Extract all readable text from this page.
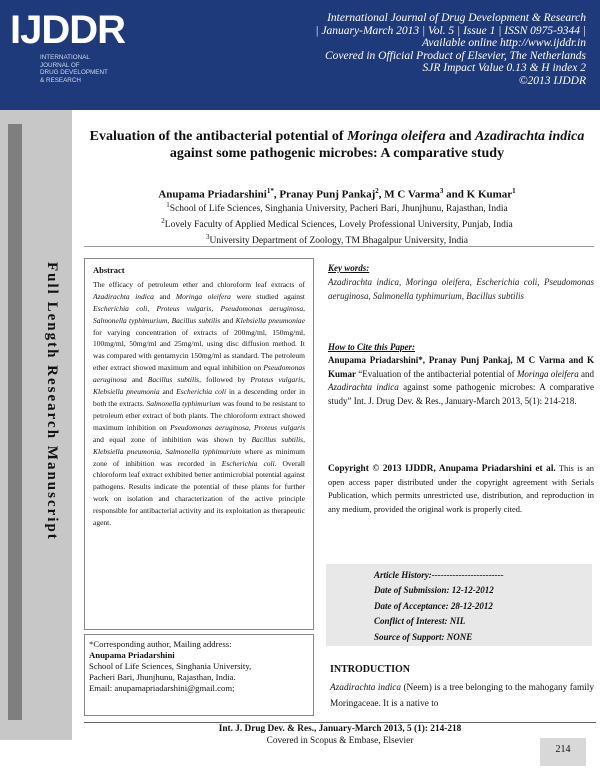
IJDDR
INTERNATIONAL
JOURNAL OF
DRUG DEVELOPMENT
& RESEARCH
International Journal of Drug Development & Research
| January-March 2013 | Vol. 5 | Issue 1 | ISSN 0975-9344 |
Available online http://www.ijddr.in
Covered in Official Product of Elsevier, The Netherlands
SJR Impact Value 0.13 & H index 2
©2013 IJDDR
Evaluation of the antibacterial potential of Moringa oleifera and Azadirachta indica against some pathogenic microbes: A comparative study
Anupama Priadarshini$^{1*}$, Pranay Punj Pankaj$^2$, M C Varma$^3$ and K Kumar$^1$
$^1$School of Life Sciences, Singhania University, Pacheri Bari, Jhunjhunu, Rajasthan, India
$^2$Lovely Faculty of Applied Medical Sciences, Lovely Professional University, Punjab, India
$^3$University Department of Zoology, TM Bhagalpur University, India
Abstract
The efficacy of petroleum ether and chloroform leaf extracts of Azadirachta indica and Moringa oleifera were studied against Escherichia coli, Proteus vulgaris, Pseudomonas aeruginosa, Salmonella typhimurium, Bacillus subtilis and Klebsiella pneumoniae for varying concentration of extracts of 200mg/ml, 150mg/ml, 100mg/ml, 50mg/ml and 25mg/ml, using disc diffusion method. It was compared with gentamycin 150mg/ml as standard. The petroleum ether extract showed maximum and equal inhibition on Pseudomonas aeruginosa and Bacillus subtilis, followed by Proteus vulgaris, Klebsiella pneumonia and Escherichia coli in a descending order in both the extracts. Salmonella typhimurium was found to be resistant to petroleum ether extract of both plants. The chloroform extract showed maximum inhibition on Pseudomonas aeruginosa, Proteus vulgaris and equal zone of inhibition was shown by Bacillus subtilis, Klebsiella pneumonia, Salmonella typhimurium where as minimum zone of inhibition was recorded in Escherichia coli. Overall chloroform leaf extract exhibited better antimicrobial potential against pathogens. Results indicate the potential of these plants for further work on isolation and characterization of the active principle responsible for antibacterial activity and its exploitation as therapeutic agent.
*Corresponding author, Mailing address:
Anupama Priadarshini
School of Life Sciences, Singhania University,
Pacheri Bari, Jhunjhunu, Rajasthan, India.
Email: anupamapriadarshini@gmail.com;
Key words:
Azadirachta indica, Moringa oleifera, Escherichia coli, Pseudomonas aeruginosa, Salmonella typhimurium, Bacillus subtilis
How to Cite this Paper:
Anupama Priadarshini*, Pranay Punj Pankaj, M C Varma and K Kumar “Evaluation of the antibacterial potential of Moringa oleifera and Azadirachta indica against some pathogenic microbes: A comparative study” Int. J. Drug Dev. & Res., January-March 2013, 5(1): 214-218.
Copyright © 2013 IJDDR, Anupama Priadarshini et al. This is an open access paper distributed under the copyright agreement with Serials Publication, which permits unrestricted use, distribution, and reproduction in any medium, provided the original work is properly cited.
Article History:------------------------
Date of Submission: 12-12-2012
Date of Acceptance: 28-12-2012
Conflict of Interest: NIL
Source of Support: NONE
INTRODUCTION
Azadirachta indica (Neem) is a tree belonging to the mahogany family Moringaceae. It is a native to
Int. J. Drug Dev. & Res., January-March 2013, 5 (1): 214-218
Covered in Scopus & Embase, Elsevier
214
